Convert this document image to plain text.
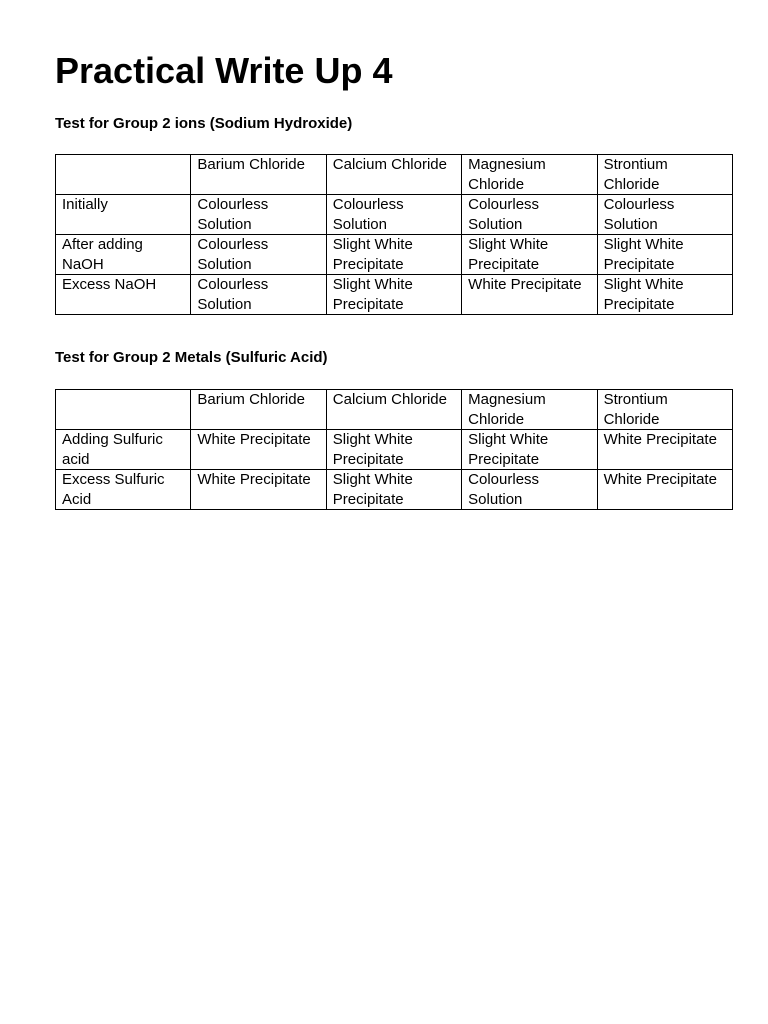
Practical Write Up 4
Test for Group 2 ions (Sodium Hydroxide)
	Barium Chloride	Calcium Chloride	Magnesium Chloride	Strontium Chloride
Initially	Colourless Solution	Colourless Solution	Colourless Solution	Colourless Solution
After adding NaOH	Colourless Solution	Slight White Precipitate	Slight White Precipitate	Slight White Precipitate
Excess NaOH	Colourless Solution	Slight White Precipitate	White Precipitate	Slight White Precipitate
Test for Group 2 Metals (Sulfuric Acid)
	Barium Chloride	Calcium Chloride	Magnesium Chloride	Strontium Chloride
Adding Sulfuric acid	White Precipitate	Slight White Precipitate	Slight White Precipitate	White Precipitate
Excess Sulfuric Acid	White Precipitate	Slight White Precipitate	Colourless Solution	White Precipitate
